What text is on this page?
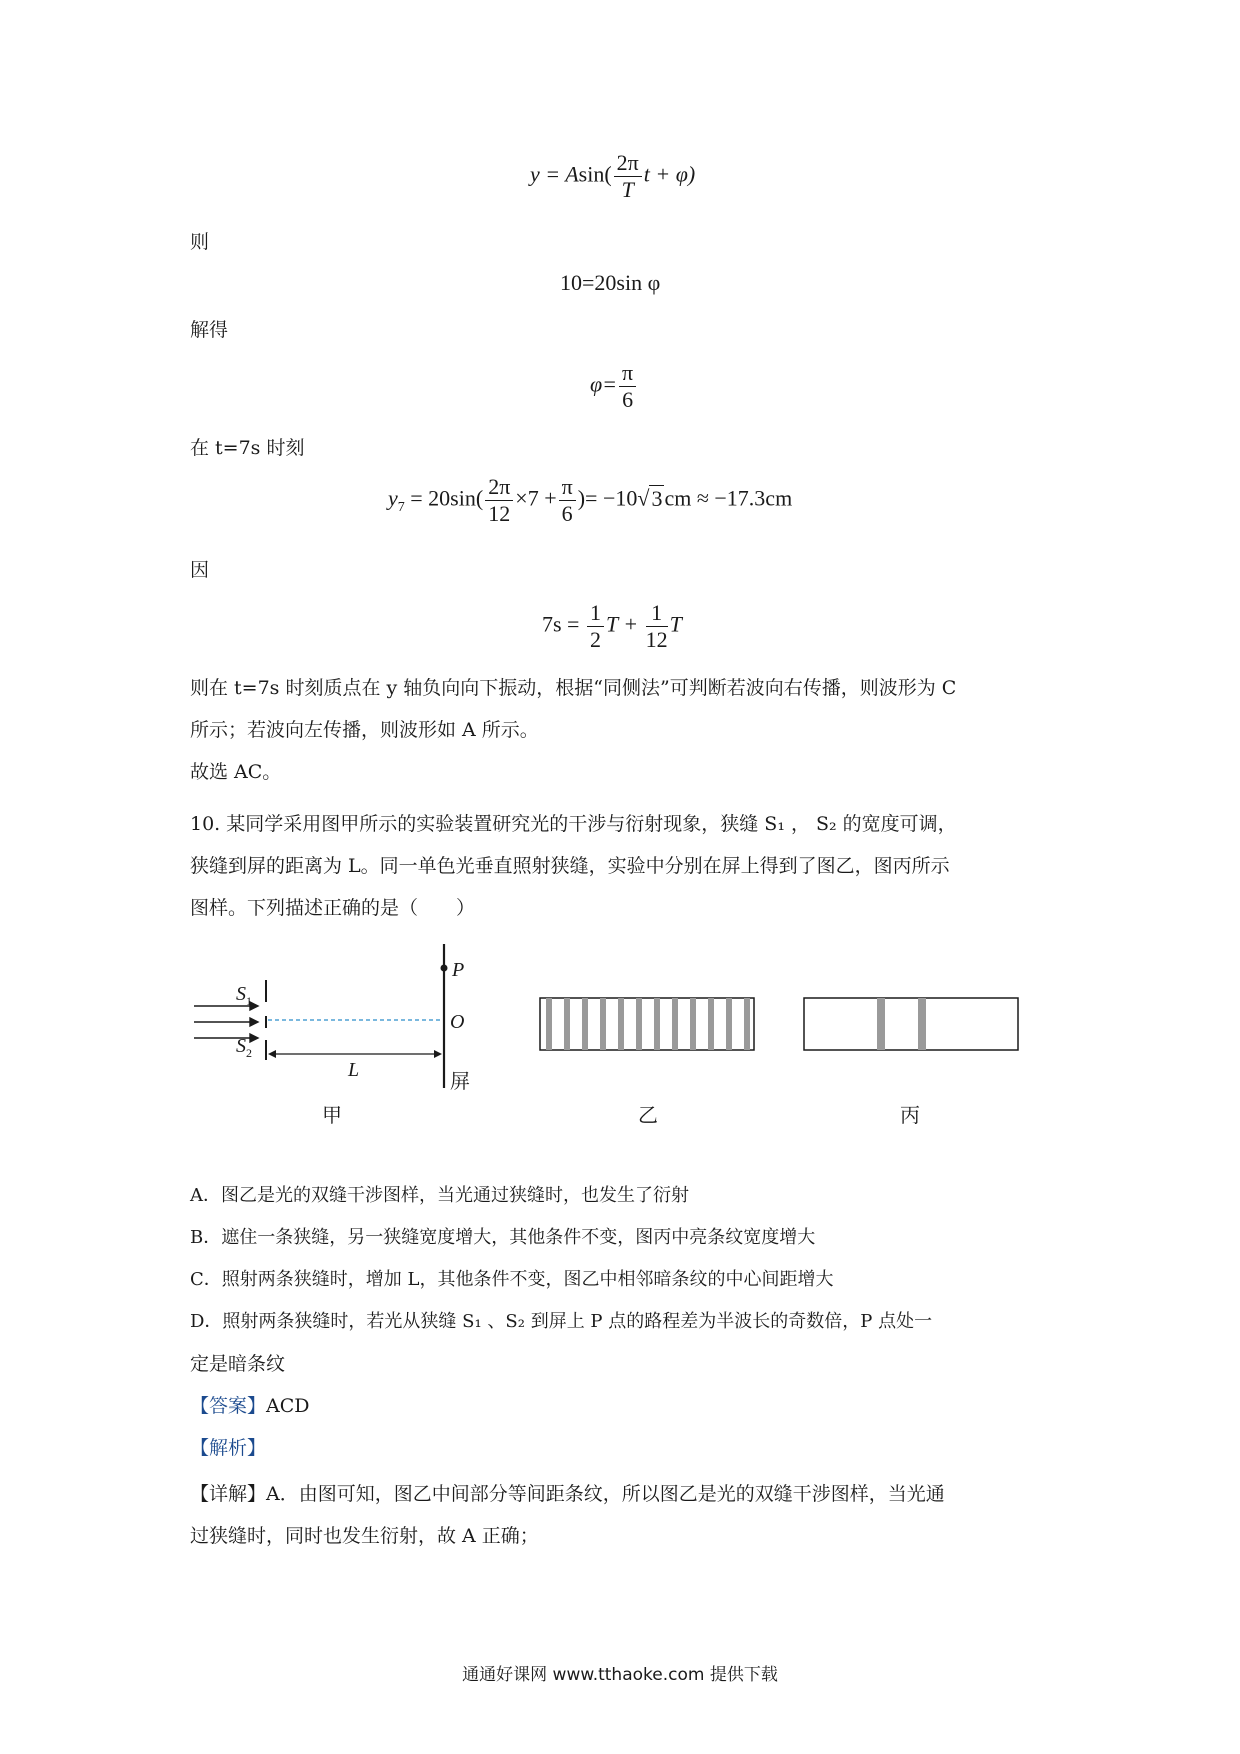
$y = Asin( \frac{2\pi}{T}$ t + φ)
则
10=20sin φ
解得
$\varphi= \frac{\pi}{6}$
在 t=7s 时刻
$y_7 = 20\sin( \frac{2\pi}{12} \times 7 + \frac{\pi}{6}$ )= −10√3cm ≈ −17.3cm
因
$7s = \frac{1}{2}$ $T + \frac{1}{12}$ T
则在 t=7s 时刻质点在 y 轴负向向下振动，根据“同侧法”可判断若波向右传播，则波形为 C
所示；若波向左传播，则波形如 A 所示。
故选 AC。
10. 某同学采用图甲所示的实验装置研究光的干涉与衍射现象，狭缝 S₁ ， S₂ 的宽度可调，
狭缝到屏的距离为 L。同一单色光垂直照射狭缝，实验中分别在屏上得到了图乙，图丙所示
图样。下列描述正确的是（　　）
$S_1$
$S_2$
P
O
屏
L
甲	乙	丙
A．图乙是光的双缝干涉图样，当光通过狭缝时，也发生了衍射
B．遮住一条狭缝，另一狭缝宽度增大，其他条件不变，图丙中亮条纹宽度增大
C．照射两条狭缝时，增加 L，其他条件不变，图乙中相邻暗条纹的中心间距增大
D．照射两条狭缝时，若光从狭缝 S₁ 、S₂ 到屏上 P 点的路程差为半波长的奇数倍，P 点处一
定是暗条纹
【答案】ACD
【解析】
【详解】A．由图可知，图乙中间部分等间距条纹，所以图乙是光的双缝干涉图样，当光通
过狭缝时，同时也发生衍射，故 A 正确；
通通好课网 www.tthaoke.com 提供下载
